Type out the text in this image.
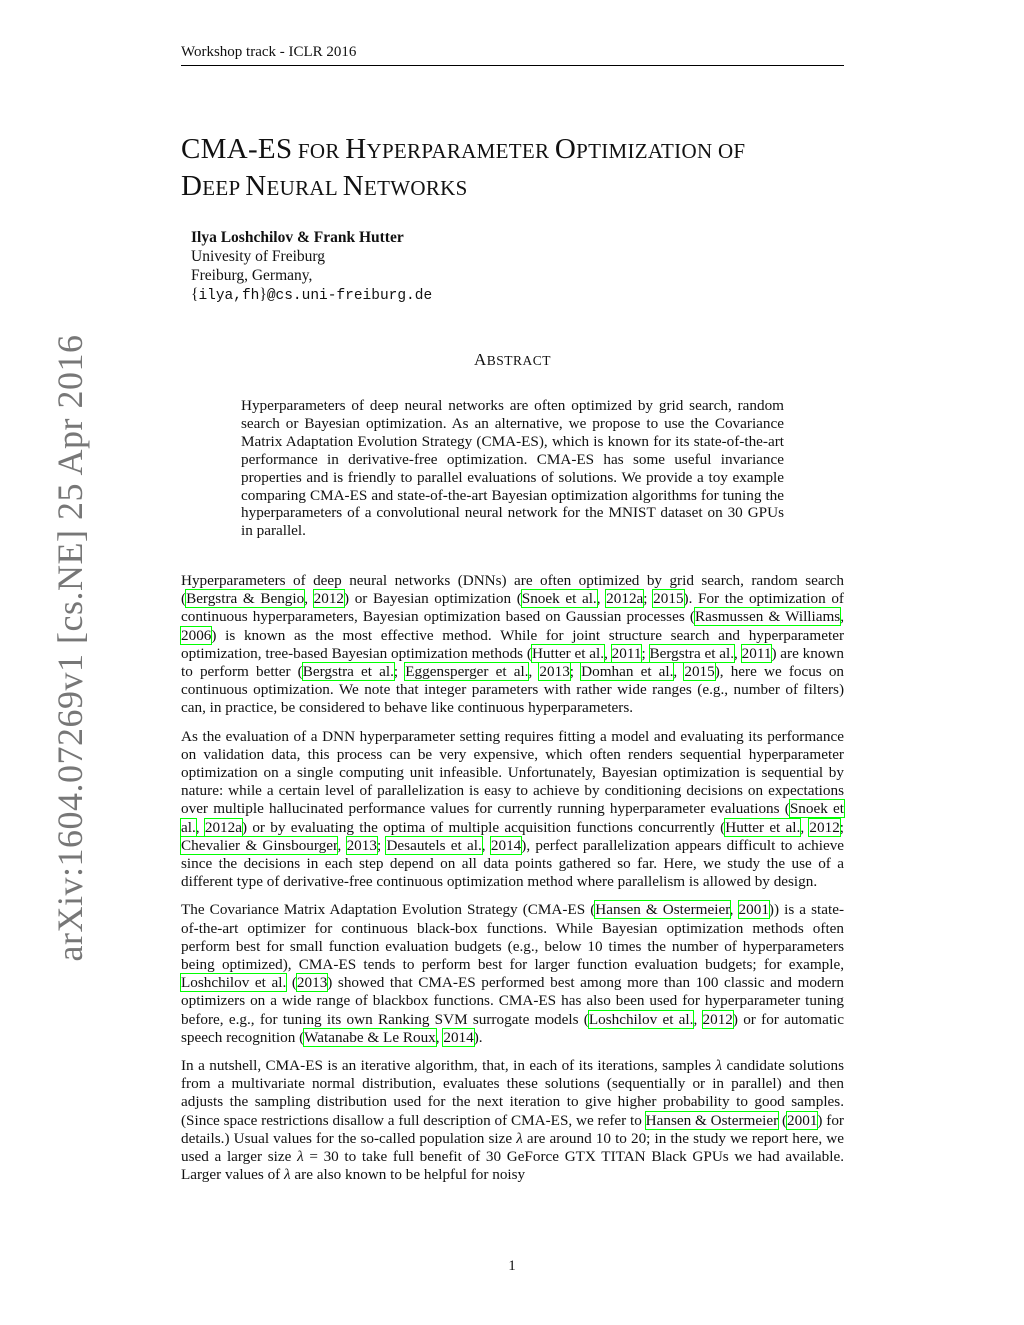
Workshop track - ICLR 2016
CMA-ES FOR HYPERPARAMETER OPTIMIZATION OF
DEEP NEURAL NETWORKS
Ilya Loshchilov & Frank Hutter
Univesity of Freiburg
Freiburg, Germany,
{ilya,fh}@cs.uni-freiburg.de
ABSTRACT

Hyperparameters of deep neural networks are often optimized by grid search, random search or Bayesian optimization. As an alternative, we propose to use the Covariance Matrix Adaptation Evolution Strategy (CMA-ES), which is known for its state-of-the-art performance in derivative-free optimization. CMA-ES has some useful invariance properties and is friendly to parallel evaluations of solutions. We provide a toy example comparing CMA-ES and state-of-the-art Bayesian optimization algorithms for tuning the hyperparameters of a convolutional neural network for the MNIST dataset on 30 GPUs in parallel.

Hyperparameters of deep neural networks (DNNs) are often optimized by grid search, random search (Bergstra & Bengio, 2012) or Bayesian optimization (Snoek et al., 2012a; 2015). For the optimization of continuous hyperparameters, Bayesian optimization based on Gaussian processes (Rasmussen & Williams, 2006) is known as the most effective method. While for joint structure search and hyperparameter optimization, tree-based Bayesian optimization methods (Hutter et al., 2011; Bergstra et al., 2011) are known to perform better (Bergstra et al.; Eggensperger et al., 2013; Domhan et al., 2015), here we focus on continuous optimization. We note that integer parameters with rather wide ranges (e.g., number of filters) can, in practice, be considered to behave like continuous hyperparameters.

As the evaluation of a DNN hyperparameter setting requires fitting a model and evaluating its performance on validation data, this process can be very expensive, which often renders sequential hyperparameter optimization on a single computing unit infeasible. Unfortunately, Bayesian optimization is sequential by nature: while a certain level of parallelization is easy to achieve by conditioning decisions on expectations over multiple hallucinated performance values for currently running hyperparameter evaluations (Snoek et al., 2012a) or by evaluating the optima of multiple acquisition functions concurrently (Hutter et al., 2012; Chevalier & Ginsbourger, 2013; Desautels et al., 2014), perfect parallelization appears difficult to achieve since the decisions in each step depend on all data points gathered so far. Here, we study the use of a different type of derivative-free continuous optimization method where parallelism is allowed by design.

The Covariance Matrix Adaptation Evolution Strategy (CMA-ES (Hansen & Ostermeier, 2001)) is a state-of-the-art optimizer for continuous black-box functions. While Bayesian optimization methods often perform best for small function evaluation budgets (e.g., below 10 times the number of hyperparameters being optimized), CMA-ES tends to perform best for larger function evaluation budgets; for example, Loshchilov et al. (2013) showed that CMA-ES performed best among more than 100 classic and modern optimizers on a wide range of blackbox functions. CMA-ES has also been used for hyperparameter tuning before, e.g., for tuning its own Ranking SVM surrogate models (Loshchilov et al., 2012) or for automatic speech recognition (Watanabe & Le Roux, 2014).

In a nutshell, CMA-ES is an iterative algorithm, that, in each of its iterations, samples λ candidate solutions from a multivariate normal distribution, evaluates these solutions (sequentially or in parallel) and then adjusts the sampling distribution used for the next iteration to give higher probability to good samples. (Since space restrictions disallow a full description of CMA-ES, we refer to Hansen & Ostermeier (2001) for details.) Usual values for the so-called population size λ are around 10 to 20; in the study we report here, we used a larger size λ = 30 to take full benefit of 30 GeForce GTX TITAN Black GPUs we had available. Larger values of λ are also known to be helpful for noisy

arXiv:1604.07269v1 [cs.NE] 25 Apr 2016
1
